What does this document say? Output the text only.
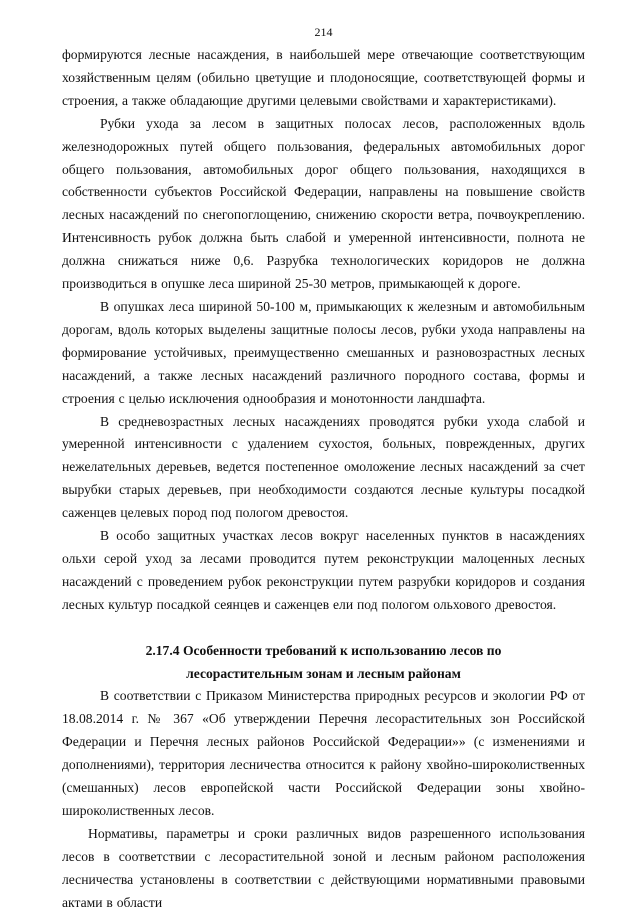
214

формируются лесные насаждения, в наибольшей мере отвечающие соответствующим хозяйственным целям (обильно цветущие и плодоносящие, соответствующей формы и строения, а также обладающие другими целевыми свойствами и характеристиками).

Рубки ухода за лесом в защитных полосах лесов, расположенных вдоль железнодорожных путей общего пользования, федеральных автомобильных дорог общего пользования, автомобильных дорог общего пользования, находящихся в собственности субъектов Российской Федерации, направлены на повышение свойств лесных насаждений по снегопоглощению, снижению скорости ветра, почвоукреплению. Интенсивность рубок должна быть слабой и умеренной интенсивности, полнота не должна снижаться ниже 0,6. Разрубка технологических коридоров не должна производиться в опушке леса шириной 25-30 метров, примыкающей к дороге.

В опушках леса шириной 50-100 м, примыкающих к железным и автомобильным дорогам, вдоль которых выделены защитные полосы лесов, рубки ухода направлены на формирование устойчивых, преимущественно смешанных и разновозрастных лесных насаждений, а также лесных насаждений различного породного состава, формы и строения с целью исключения однообразия и монотонности ландшафта.

В средневозрастных лесных насаждениях проводятся рубки ухода слабой и умеренной интенсивности с удалением сухостоя, больных, поврежденных, других нежелательных деревьев, ведется постепенное омоложение лесных насаждений за счет вырубки старых деревьев, при необходимости создаются лесные культуры посадкой саженцев целевых пород под пологом древостоя.

В особо защитных участках лесов вокруг населенных пунктов в насаждениях ольхи серой уход за лесами проводится путем реконструкции малоценных лесных насаждений с проведением рубок реконструкции путем разрубки коридоров и создания лесных культур посадкой сеянцев и саженцев ели под пологом ольхового древостоя.

2.17.4 Особенности требований к использованию лесов по
лесорастительным зонам и лесным районам

В соответствии с Приказом Министерства природных ресурсов и экологии РФ от 18.08.2014 г. № 367 «Об утверждении Перечня лесорастительных зон Российской Федерации и Перечня лесных районов Российской Федерации»» (с изменениями и дополнениями), территория лесничества относится к району хвойно-широколиственных (смешанных) лесов европейской части Российской Федерации зоны хвойно-широколиственных лесов.

Нормативы, параметры и сроки различных видов разрешенного использования лесов в соответствии с лесорастительной зоной и лесным районом расположения лесничества установлены в соответствии с действующими нормативными правовыми актами в области
